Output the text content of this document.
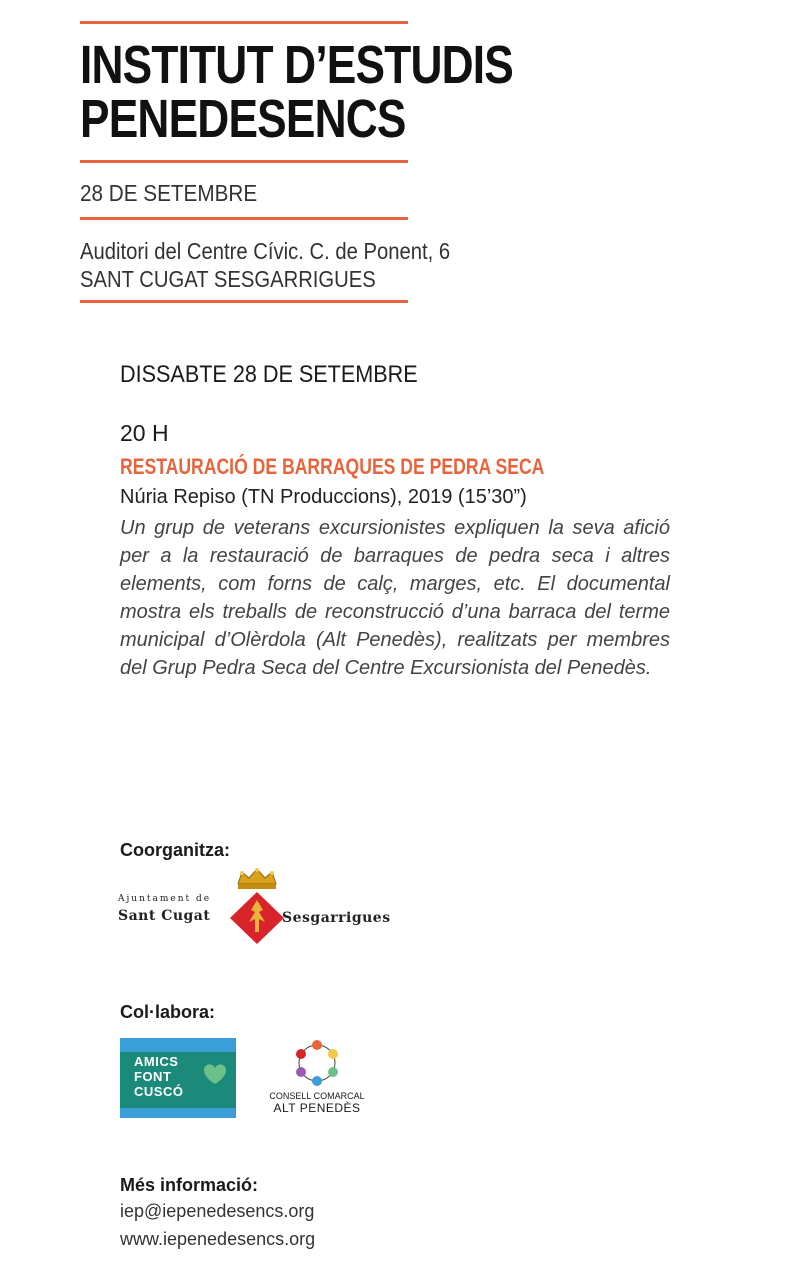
INSTITUT D’ESTUDIS
PENEDESENCS
28 DE SETEMBRE
Auditori del Centre Cívic. C. de Ponent, 6
SANT CUGAT SESGARRIGUES
DISSABTE 28 DE SETEMBRE
20 H
RESTAURACIÓ DE BARRAQUES DE PEDRA SECA
Núria Repiso (TN Produccions), 2019 (15’30”)
Un grup de veterans excursionistes expliquen la seva afició per a la restauració de barraques de pedra seca i altres elements, com forns de calç, marges, etc. El documental mostra els treballs de reconstrucció d’una barraca del terme municipal d’Olèrdola (Alt Penedès), realitzats per membres del Grup Pedra Seca del Centre Excursionista del Penedès.
Coorganitza:
Ajuntament de
Sant Cugat	Sesgarrigues
Col·labora:
AMICS
FONT
CUSCÓ	CONSELL COMARCAL
ALT PENEDÈS
Més informació:
iep@iepenedesencs.org
www.iepenedesencs.org
